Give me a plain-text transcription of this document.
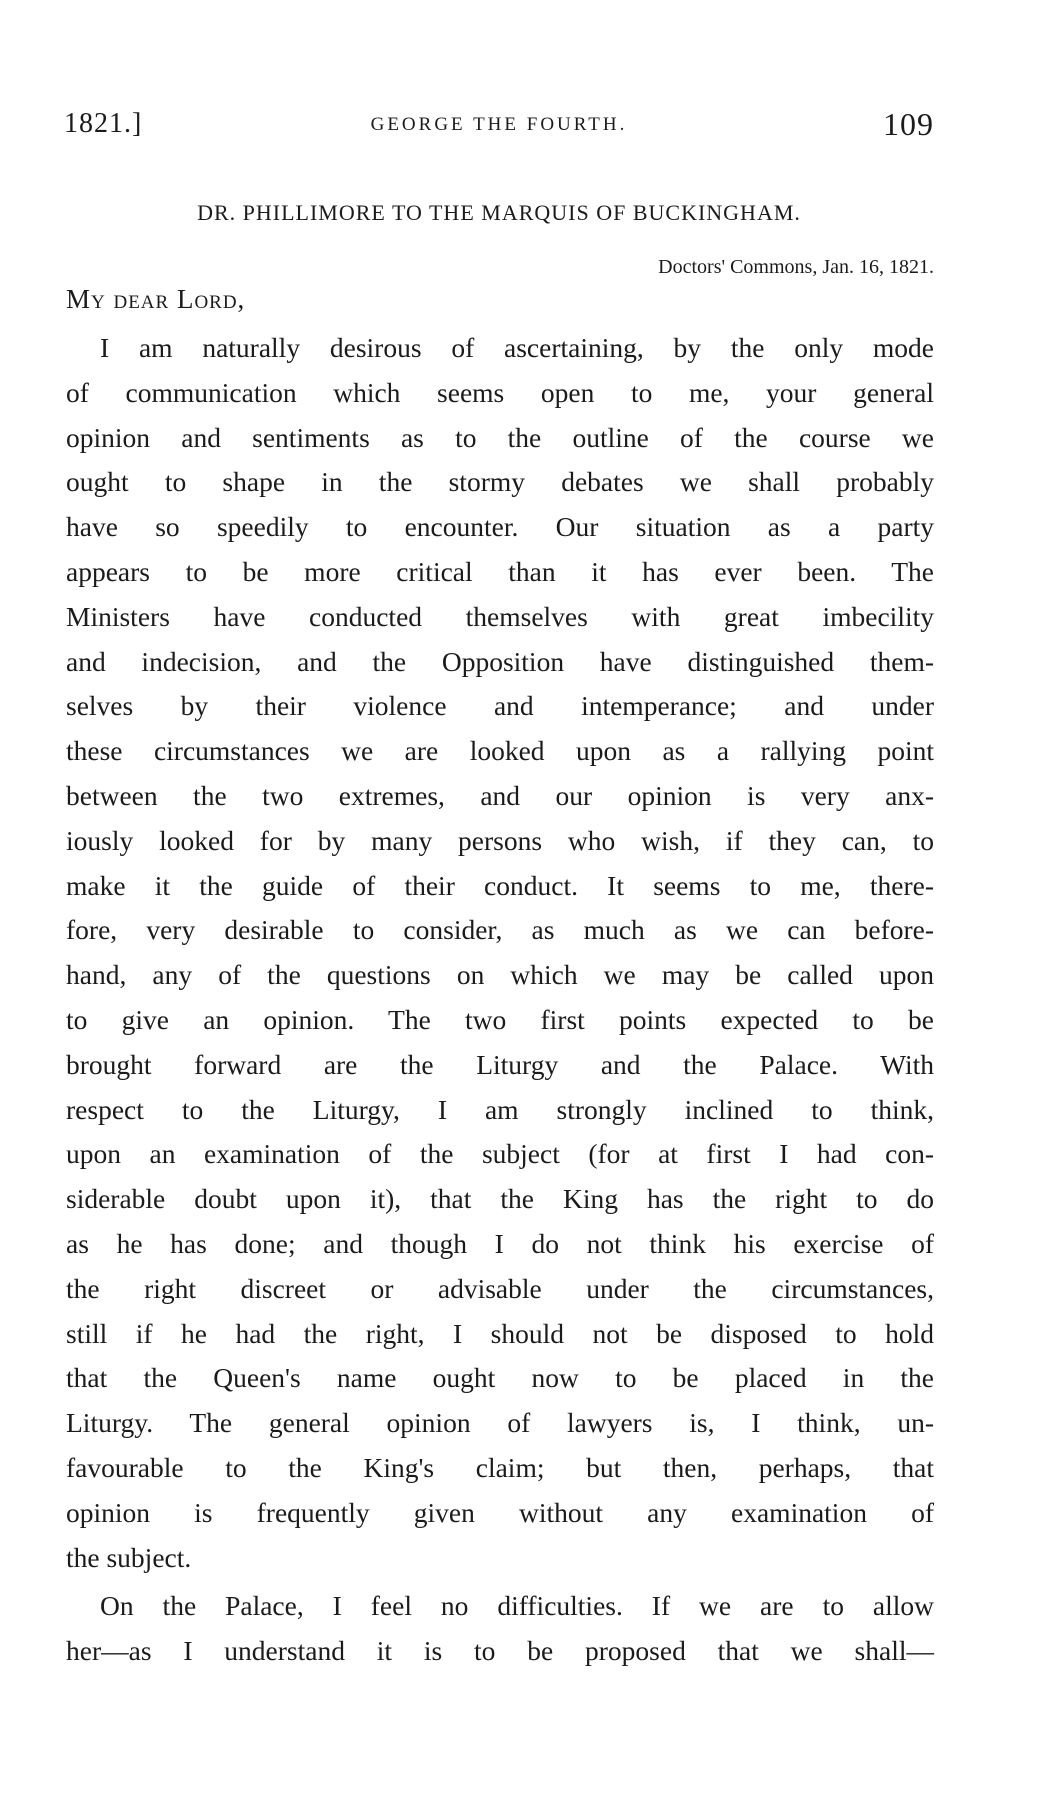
1821.]	GEORGE THE FOURTH.	109
DR. PHILLIMORE TO THE MARQUIS OF BUCKINGHAM.
Doctors' Commons, Jan. 16, 1821.
My dear Lord,
I am naturally desirous of ascertaining, by the only mode
of communication which seems open to me, your general
opinion and sentiments as to the outline of the course we
ought to shape in the stormy debates we shall probably
have so speedily to encounter. Our situation as a party
appears to be more critical than it has ever been. The
Ministers have conducted themselves with great imbecility
and indecision, and the Opposition have distinguished them-
selves by their violence and intemperance; and under
these circumstances we are looked upon as a rallying point
between the two extremes, and our opinion is very anx-
iously looked for by many persons who wish, if they can, to
make it the guide of their conduct. It seems to me, there-
fore, very desirable to consider, as much as we can before-
hand, any of the questions on which we may be called upon
to give an opinion. The two first points expected to be
brought forward are the Liturgy and the Palace. With
respect to the Liturgy, I am strongly inclined to think,
upon an examination of the subject (for at first I had con-
siderable doubt upon it), that the King has the right to do
as he has done; and though I do not think his exercise of
the right discreet or advisable under the circumstances,
still if he had the right, I should not be disposed to hold
that the Queen's name ought now to be placed in the
Liturgy. The general opinion of lawyers is, I think, un-
favourable to the King's claim; but then, perhaps, that
opinion is frequently given without any examination of
the subject.
On the Palace, I feel no difficulties. If we are to allow
her—as I understand it is to be proposed that we shall—
